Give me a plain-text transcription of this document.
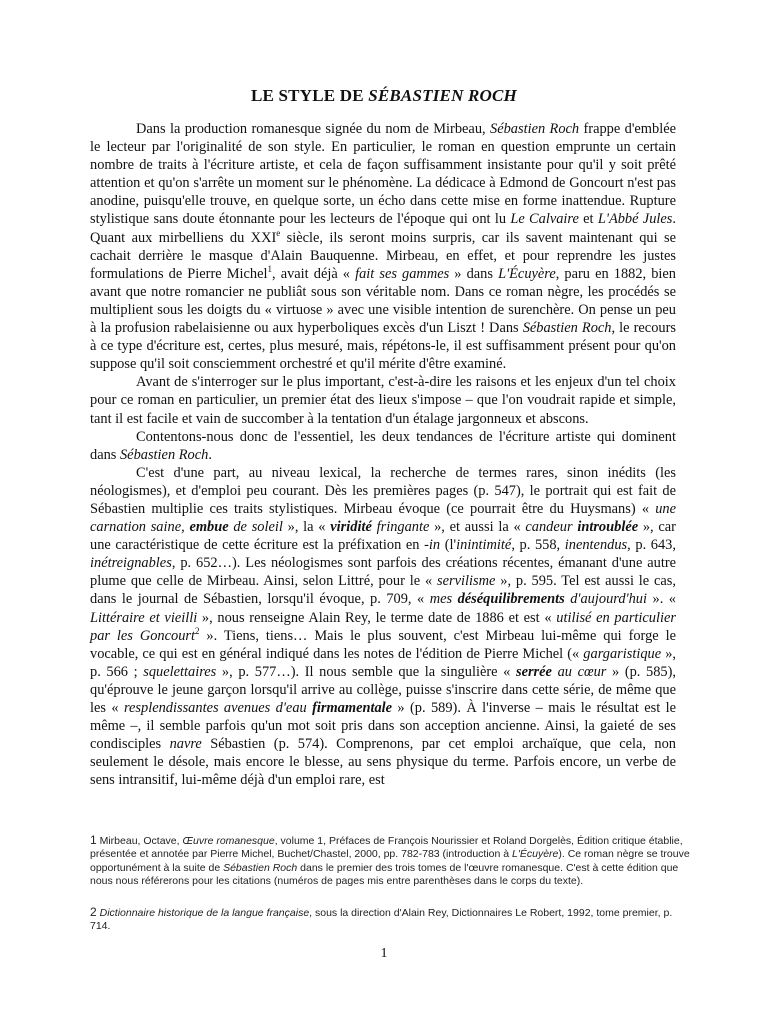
LE STYLE DE SÉBASTIEN ROCH

Dans la production romanesque signée du nom de Mirbeau, Sébastien Roch frappe d'emblée le lecteur par l'originalité de son style. En particulier, le roman en question emprunte un certain nombre de traits à l'écriture artiste, et cela de façon suffisamment insistante pour qu'il y soit prêté attention et qu'on s'arrête un moment sur le phénomène. La dédicace à Edmond de Goncourt n'est pas anodine, puisqu'elle trouve, en quelque sorte, un écho dans cette mise en forme inattendue. Rupture stylistique sans doute étonnante pour les lecteurs de l'époque qui ont lu Le Calvaire et L'Abbé Jules. Quant aux mirbelliens du XXIe siècle, ils seront moins surpris, car ils savent maintenant qui se cachait derrière le masque d'Alain Bauquenne. Mirbeau, en effet, et pour reprendre les justes formulations de Pierre Michel$^1$, avait déjà « fait ses gammes » dans L'Écuyère, paru en 1882, bien avant que notre romancier ne publiât sous son véritable nom. Dans ce roman nègre, les procédés se multiplient sous les doigts du « virtuose » avec une visible intention de surenchère. On pense un peu à la profusion rabelaisienne ou aux hyperboliques excès d'un Liszt ! Dans Sébastien Roch, le recours à ce type d'écriture est, certes, plus mesuré, mais, répétons-le, il est suffisamment présent pour qu'on suppose qu'il soit consciemment orchestré et qu'il mérite d'être examiné.

Avant de s'interroger sur le plus important, c'est-à-dire les raisons et les enjeux d'un tel choix pour ce roman en particulier, un premier état des lieux s'impose – que l'on voudrait rapide et simple, tant il est facile et vain de succomber à la tentation d'un étalage jargonneux et abscons.

Contentons-nous donc de l'essentiel, les deux tendances de l'écriture artiste qui dominent dans Sébastien Roch.

C'est d'une part, au niveau lexical, la recherche de termes rares, sinon inédits (les néologismes), et d'emploi peu courant. Dès les premières pages (p. 547), le portrait qui est fait de Sébastien multiplie ces traits stylistiques. Mirbeau évoque (ce pourrait être du Huysmans) « une carnation saine, embue de soleil », la « viridité fringante », et aussi la « candeur introublée », car une caractéristique de cette écriture est la préfixation en -in (l'inintimité, p. 558, inentendus, p. 643, inétreignables, p. 652…). Les néologismes sont parfois des créations récentes, émanant d'une autre plume que celle de Mirbeau. Ainsi, selon Littré, pour le « servilisme », p. 595. Tel est aussi le cas, dans le journal de Sébastien, lorsqu'il évoque, p. 709, « mes déséquilibrements d'aujourd'hui ». « Littéraire et vieilli », nous renseigne Alain Rey, le terme date de 1886 et est « utilisé en particulier par les Goncourt$^2$ ». Tiens, tiens… Mais le plus souvent, c'est Mirbeau lui-même qui forge le vocable, ce qui est en général indiqué dans les notes de l'édition de Pierre Michel (« gargaristique », p. 566 ; squelettaires », p. 577…). Il nous semble que la singulière « serrée au cœur » (p. 585), qu'éprouve le jeune garçon lorsqu'il arrive au collège, puisse s'inscrire dans cette série, de même que les « resplendissantes avenues d'eau firmamentale » (p. 589). À l'inverse – mais le résultat est le même –, il semble parfois qu'un mot soit pris dans son acception ancienne. Ainsi, la gaieté de ses condisciples navre Sébastien (p. 574). Comprenons, par cet emploi archaïque, que cela, non seulement le désole, mais encore le blesse, au sens physique du terme. Parfois encore, un verbe de sens intransitif, lui-même déjà d'un emploi rare, est

1 Mirbeau, Octave, Œuvre romanesque, volume 1, Préfaces de François Nourissier et Roland Dorgelès, Édition critique établie, présentée et annotée par Pierre Michel, Buchet/Chastel, 2000, pp. 782-783 (introduction à L'Écuyère). Ce roman nègre se trouve opportunément à la suite de Sébastien Roch dans le premier des trois tomes de l'œuvre romanesque. C'est à cette édition que nous nous référerons pour les citations (numéros de pages mis entre parenthèses dans le corps du texte).
2 Dictionnaire historique de la langue française, sous la direction d'Alain Rey, Dictionnaires Le Robert, 1992, tome premier, p. 714.
1
